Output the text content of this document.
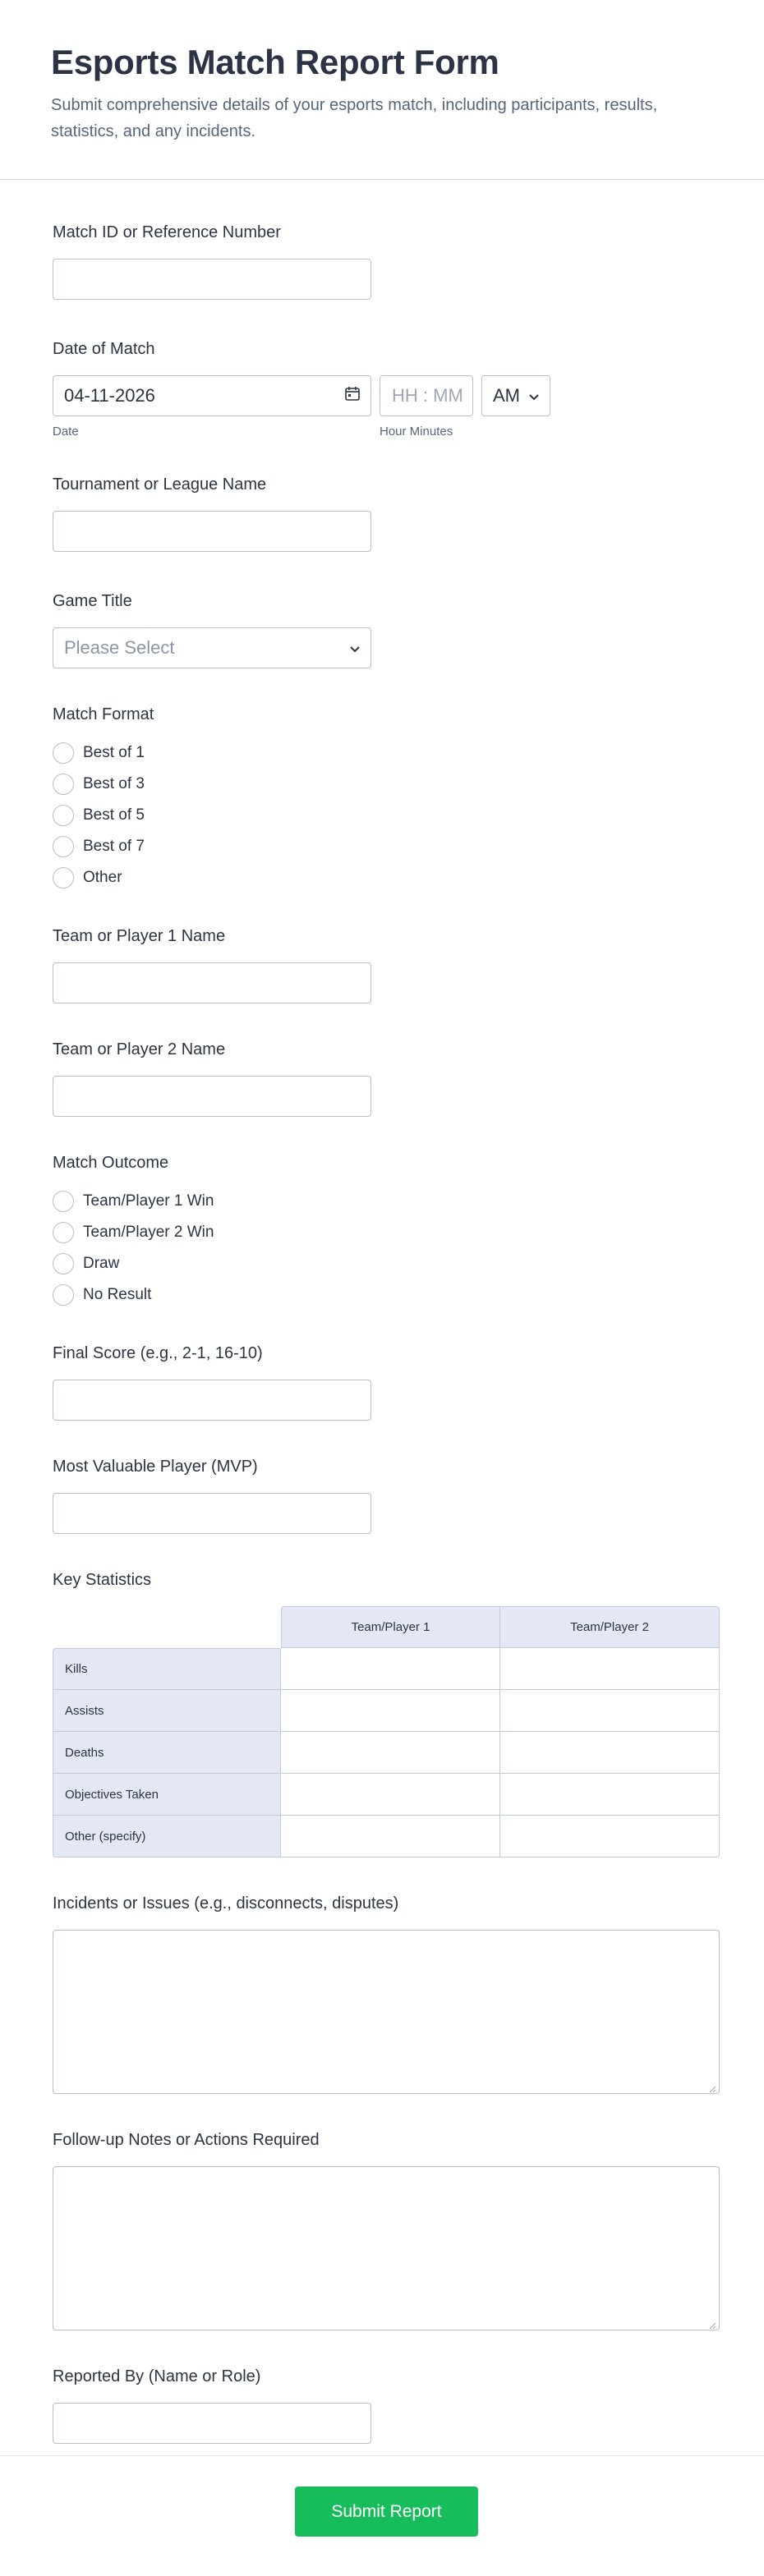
Esports Match Report Form

Submit comprehensive details of your esports match, including participants, results, statistics, and any incidents.

Match ID or Reference Number
Date of Match
04-11-2026	HH : MM AM
Date	Hour Minutes
Tournament or League Name
Game Title
Please Select
Match Format
Best of 1
Best of 3
Best of 5
Best of 7
Other
Team or Player 1 Name
Team or Player 2 Name
Match Outcome
Team/Player 1 Win
Team/Player 2 Win
Draw
No Result
Final Score (e.g., 2-1, 16-10)
Most Valuable Player (MVP)
Key Statistics
	Team/Player 1	Team/Player 2
Kills		
Assists		
Deaths		
Objectives Taken		
Other (specify)		
Incidents or Issues (e.g., disconnects, disputes)
Follow-up Notes or Actions Required
Reported By (Name or Role)
Submit Report
